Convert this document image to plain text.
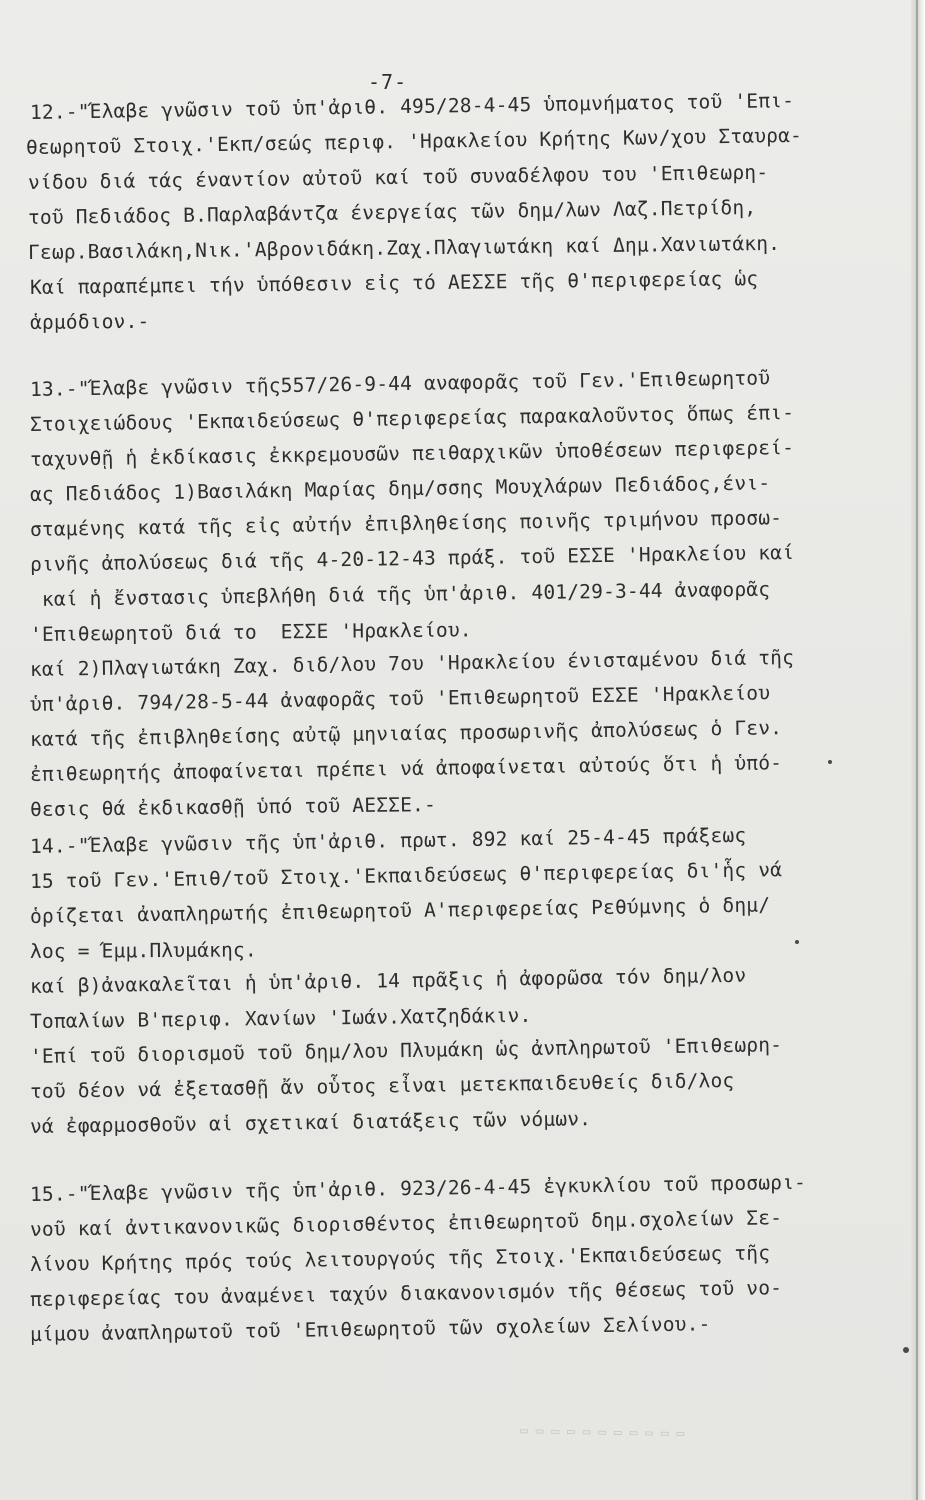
-7-
12.-"Έλαβε γνῶσιν τοῦ ὑπ'ἀριθ. 495/28-4-45 ὑπομνήματος τοῦ 'Επι-
θεωρητοῦ Στοιχ.'Εκπ/σεώς περιφ. 'Ηρακλείου Κρήτης Κων/χου Σταυρα-
νίδου διά τάς έναντίον αὐτοῦ καί τοῦ συναδέλφου του 'Επιθεωρη-
τοῦ Πεδιάδος Β.Παρλαβάντζα ένεργείας τῶν δημ/λων Λαζ.Πετρίδη,
Γεωρ.Βασιλάκη,Νικ.'Αβρονιδάκη.Ζαχ.Πλαγιωτάκη καί Δημ.Χανιωτάκη.
Καί παραπέμπει τήν ὑπόθεσιν εἰς τό ΑΕΣΣΕ τῆς θ'περιφερείας ὡς
ἁρμόδιον.-
13.-"Έλαβε γνῶσιν τῆς557/26-9-44 αναφορᾶς τοῦ Γεν.'Επιθεωρητοῦ
Στοιχειώδους 'Εκπαιδεύσεως θ'περιφερείας παρακαλοῦντος ὅπως έπι-
ταχυνθῇ ἡ ἐκδίκασις ἐκκρεμουσῶν πειθαρχικῶν ὑποθέσεων περιφερεί-
ας Πεδιάδος 1)Βασιλάκη Μαρίας δημ/σσης Μουχλάρων Πεδιάδος,ένι-
σταμένης κατά τῆς εἰς αὐτήν ἐπιβληθείσης ποινῆς τριμήνου προσω-
ρινῆς ἀπολύσεως διά τῆς 4-20-12-43 πράξ. τοῦ ΕΣΣΕ 'Ηρακλείου καί
καί ἡ ἔνστασις ὑπεβλήθη διά τῆς ὑπ'ἀριθ. 401/29-3-44 ἀναφορᾶς
'Επιθεωρητοῦ διά το  ΕΣΣΕ 'Ηρακλείου.
καί 2)Πλαγιωτάκη Ζαχ. διδ/λου 7ου 'Ηρακλείου ένισταμένου διά τῆς
ὑπ'ἀριθ. 794/28-5-44 ἀναφορᾶς τοῦ 'Επιθεωρητοῦ ΕΣΣΕ 'Ηρακλείου
κατά τῆς ἐπιβληθείσης αὐτῷ μηνιαίας προσωρινῆς ἀπολύσεως ὁ Γεν.
ἐπιθεωρητής ἀποφαίνεται πρέπει νά ἀποφαίνεται αὐτούς ὅτι ἡ ὑπό-
θεσις θά ἐκδικασθῇ ὑπό τοῦ ΑΕΣΣΕ.-
14.-"Έλαβε γνῶσιν τῆς ὑπ'ἀριθ. πρωτ. 892 καί 25-4-45 πράξεως
15 τοῦ Γεν.'Επιθ/τοῦ Στοιχ.'Εκπαιδεύσεως θ'περιφερείας δι'ἧς νά
ὁρίζεται ἀναπληρωτής ἐπιθεωρητοῦ Α'περιφερείας Ρεθύμνης ὁ δημ/
λος = Έμμ.Πλυμάκης.
καί β)ἀνακαλεῖται ἡ ὑπ'ἀριθ. 14 πρᾶξις ἡ ἀφορῶσα τόν δημ/λον
Τοπαλίων Β'περιφ. Χανίων 'Ιωάν.Χατζηδάκιν.
'Επί τοῦ διορισμοῦ τοῦ δημ/λου Πλυμάκη ὡς ἀνπληρωτοῦ 'Επιθεωρη-
τοῦ δέον νά ἐξετασθῇ ἄν οὗτος εἶναι μετεκπαιδευθείς διδ/λος
νά ἐφαρμοσθοῦν αἱ σχετικαί διατάξεις τῶν νόμων.
15.-"Έλαβε γνῶσιν τῆς ὑπ'ἀριθ. 923/26-4-45 ἐγκυκλίου τοῦ προσωρι-
νοῦ καί ἀντικανονικῶς διορισθέντος ἐπιθεωρητοῦ δημ.σχολείων Σε-
λίνου Κρήτης πρός τούς λειτουργούς τῆς Στοιχ.'Εκπαιδεύσεως τῆς
περιφερείας του ἀναμένει ταχύν διακανονισμόν τῆς θέσεως τοῦ νο-
μίμου ἀναπληρωτοῦ τοῦ 'Επιθεωρητοῦ τῶν σχολείων Σελίνου.-
▭ ▭ ▭ ▭ ▭ ▭ ▭ ▭ ▭ ▭ ▭
